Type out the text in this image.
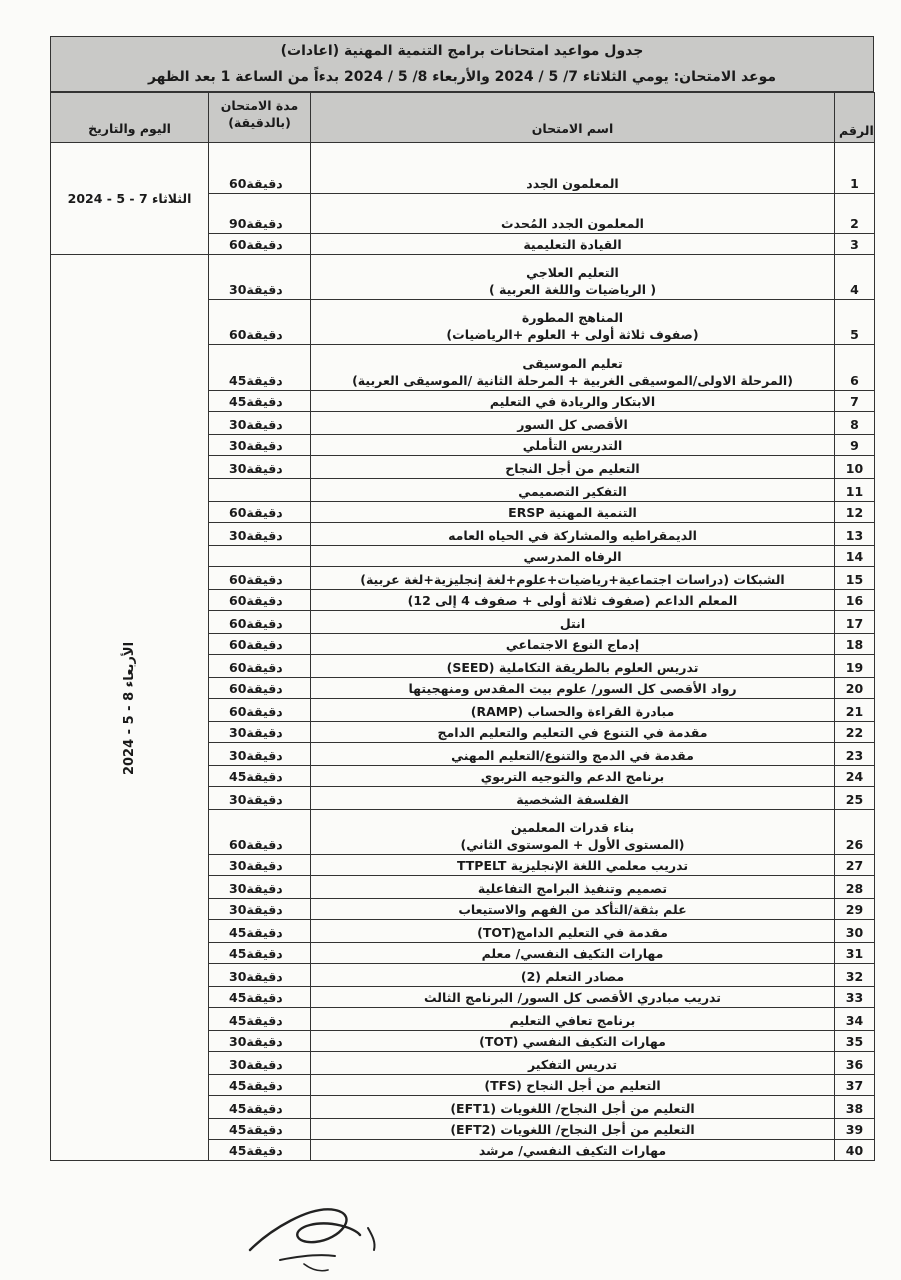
جدول مواعيد امتحانات برامج التنمية المهنية (اعادات)
موعد الامتحان: يومي الثلاثاء 7/ 5 / 2024 والأربعاء 8/ 5 / 2024 بدءاً من الساعة 1 بعد الظهر
اليوم والتاريخ	مدة الامتحان (بالدقيقة)	اسم الامتحان	الرقم
الثلاثاء 7 - 5 - 2024	60دقيقة	المعلمون الجدد	1
	90دقيقة	المعلمون الجدد المُحدث	2
	60دقيقة	القيادة التعليمية	3
الأربعاء 8 - 5 - 2024	30دقيقة	التعليم العلاجي
( الرياضيات واللغة العربية )	4
	60دقيقة	المناهج المطورة
(صفوف ثلاثة أولى + العلوم +الرياضيات)	5
	45دقيقة	تعليم الموسيقى
(المرحلة الاولى/الموسيقى الغربية + المرحلة الثانية /الموسيقى العربية)	6
	45دقيقة	الابتكار والريادة في التعليم	7
	30دقيقة	الأقصى كل السور	8
	30دقيقة	التدريس التأملي	9
	30دقيقة	التعليم من أجل النجاح	10

		التفكير التصميمي	11
	60دقيقة	التنمية المهنية ERSP	12
	30دقيقة	الديمقراطيه والمشاركة في الحياه العامه	13

		الرفاه المدرسي	14
	60دقيقة	الشبكات (دراسات اجتماعية+رياضيات+علوم+لغة إنجليزية+لغة عربية)	15
	60دقيقة	المعلم الداعم (صفوف ثلاثة أولى + صفوف 4 إلى 12)	16
	60دقيقة	انتل	17
	60دقيقة	إدماج النوع الاجتماعي	18
	60دقيقة	تدريس العلوم بالطريقة التكاملية (SEED)	19
	60دقيقة	رواد الأقصى كل السور/ علوم بيت المقدس ومنهجيتها	20
	60دقيقة	مبادرة القراءة والحساب (RAMP)	21
	30دقيقة	مقدمة في التنوع في التعليم والتعليم الدامج	22
	30دقيقة	مقدمة في الدمج والتنوع/التعليم المهني	23
	45دقيقة	برنامج الدعم والتوجيه التربوي	24
	30دقيقة	الفلسفة الشخصية	25
	60دقيقة	بناء قدرات المعلمين
(المستوى الأول + الموستوى الثاني)	26
	30دقيقة	تدريب معلمي اللغة الإنجليزية TTPELT	27
	30دقيقة	تصميم وتنفيذ البرامج التفاعلية	28
	30دقيقة	علم بثقة/التأكد من الفهم والاستيعاب	29
	45دقيقة	مقدمة في التعليم الدامج(TOT)	30
	45دقيقة	مهارات التكيف النفسي/ معلم	31
	30دقيقة	مصادر التعلم (2)	32
	45دقيقة	تدريب مبادري الأقصى كل السور/ البرنامج الثالث	33
	45دقيقة	برنامج تعافي التعليم	34
	30دقيقة	مهارات التكيف النفسي (TOT)	35
	30دقيقة	تدريس التفكير	36
	45دقيقة	التعليم من أجل النجاح (TFS)	37
	45دقيقة	التعليم من أجل النجاح/ اللغويات (EFT1)	38
	45دقيقة	التعليم من أجل النجاح/ اللغويات (EFT2)	39
	45دقيقة	مهارات التكيف النفسي/ مرشد	40
